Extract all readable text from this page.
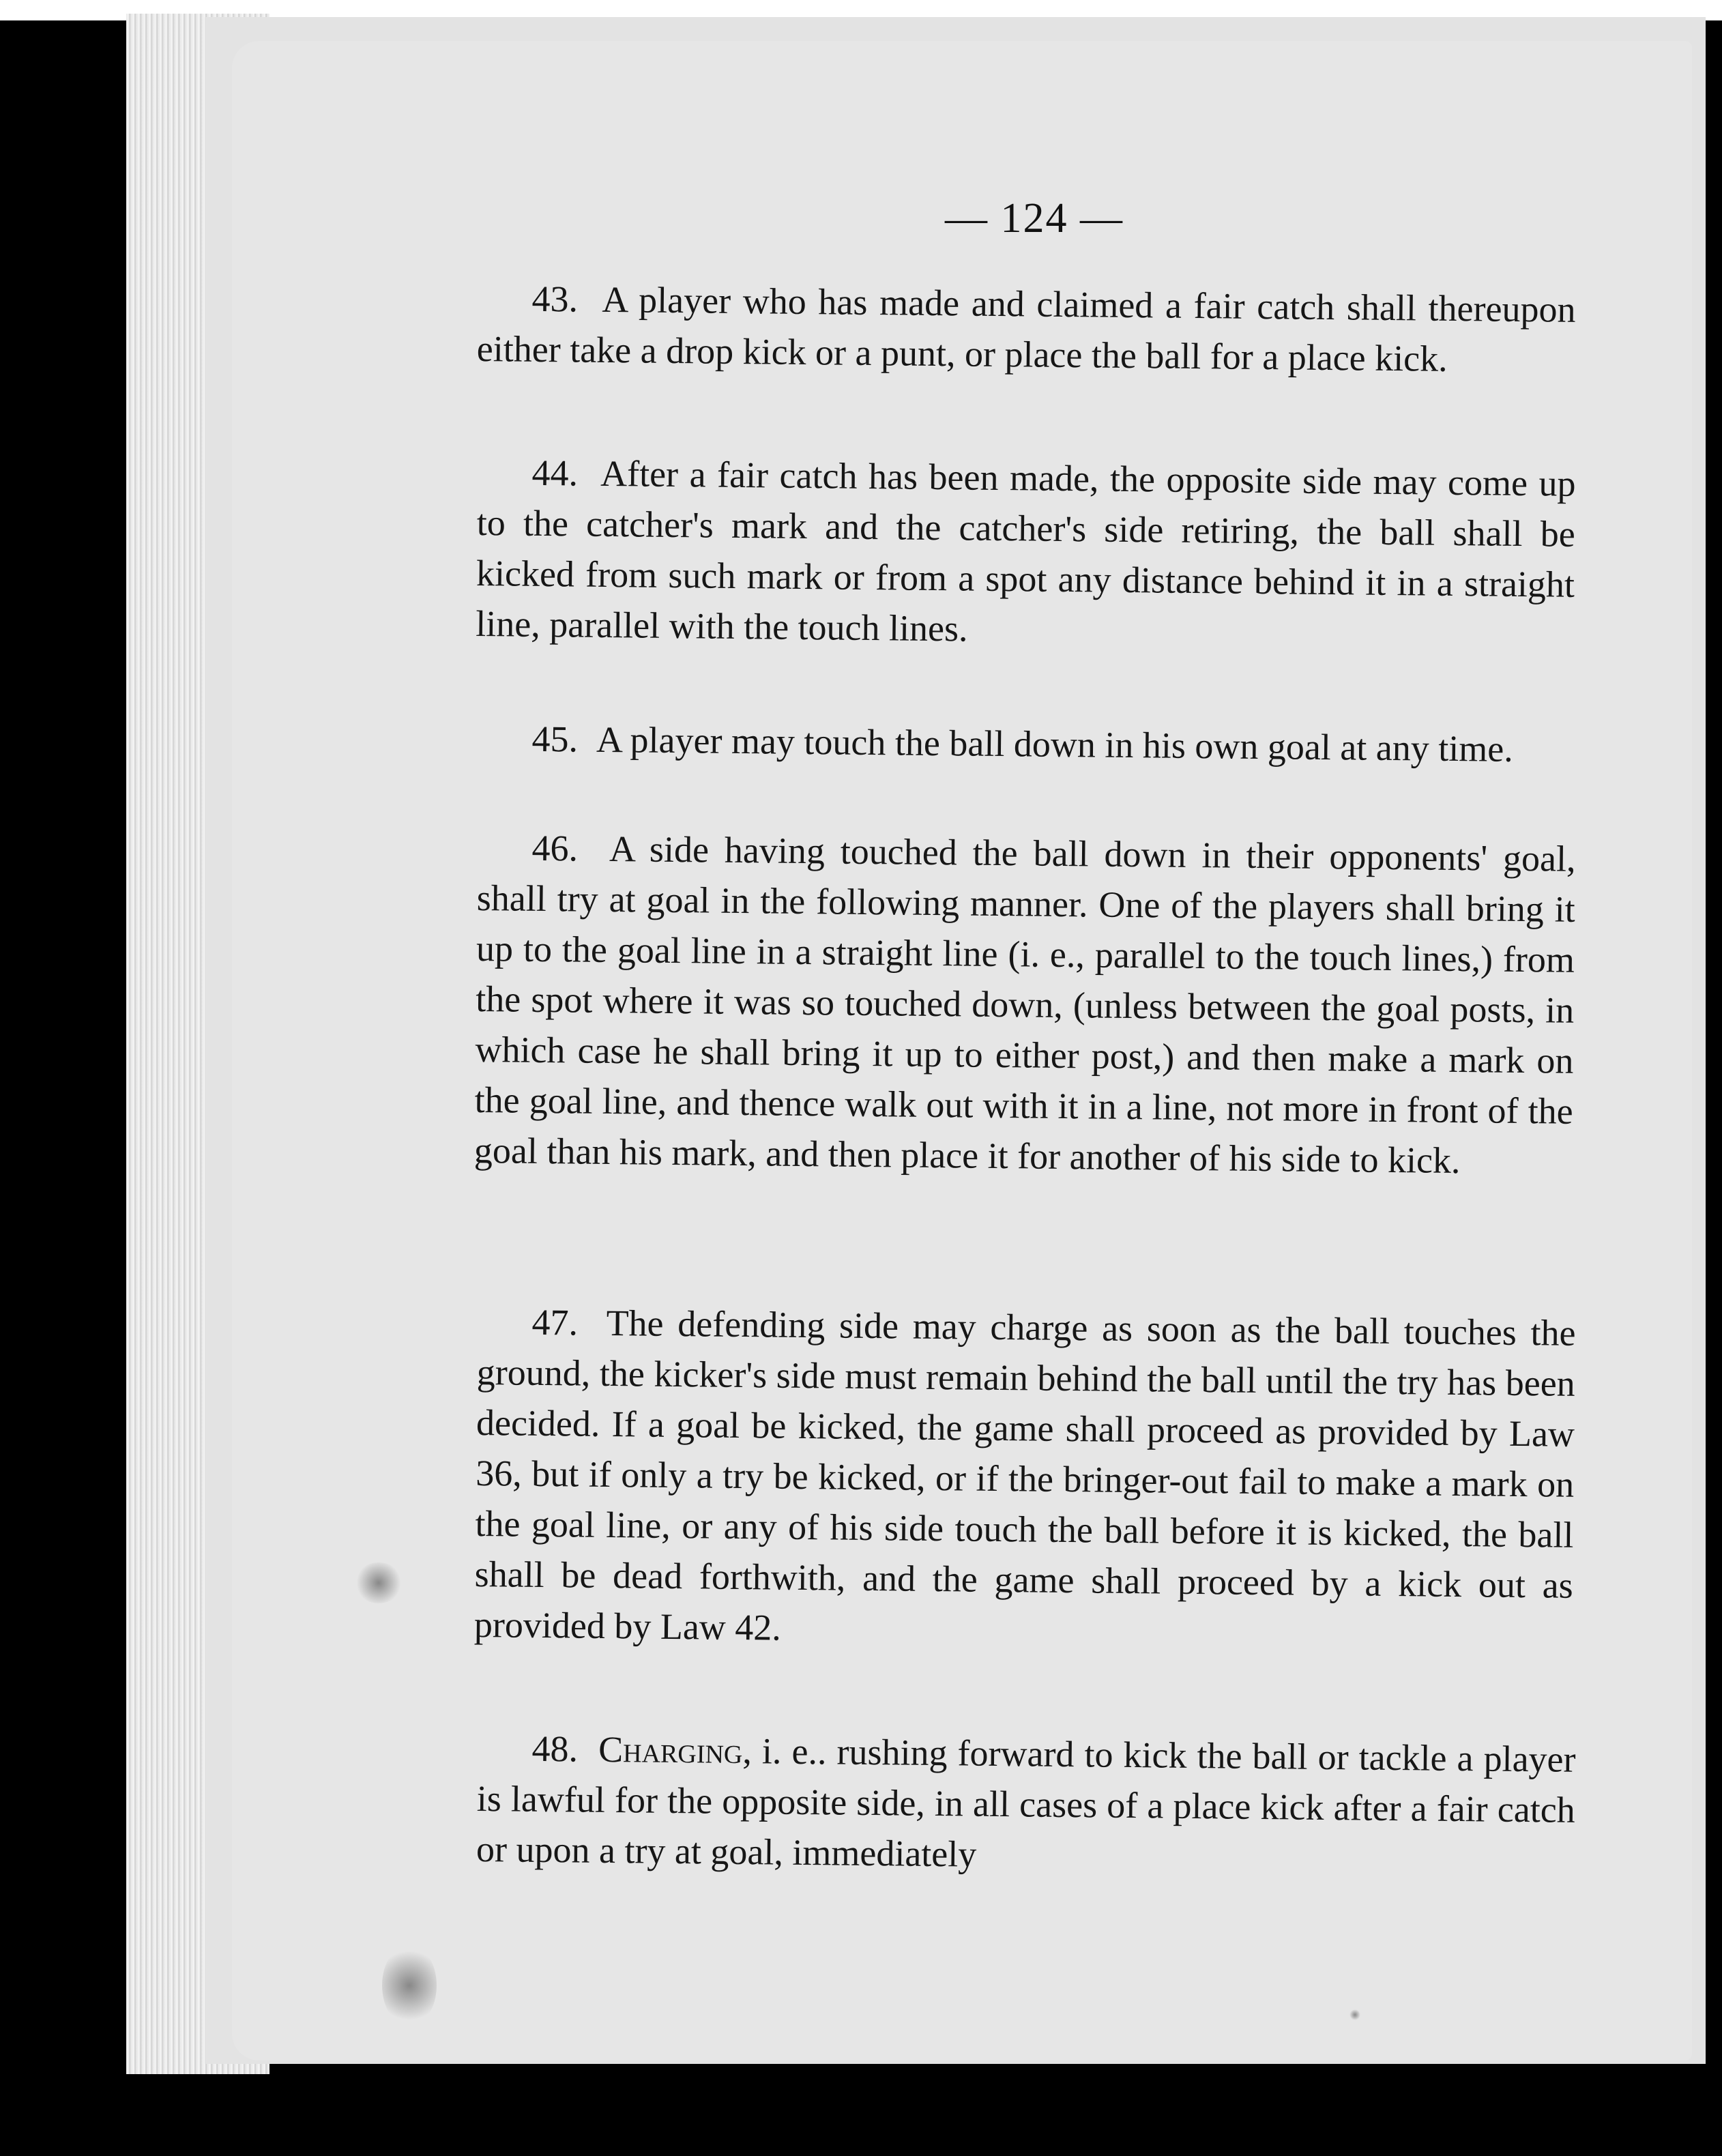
— 124 —

43. A player who has made and claimed a fair catch shall thereupon either take a drop kick or a punt, or place the ball for a place kick.

44. After a fair catch has been made, the opposite side may come up to the catcher's mark and the catcher's side retiring, the ball shall be kicked from such mark or from a spot any distance behind it in a straight line, parallel with the touch lines.

45. A player may touch the ball down in his own goal at any time.

46. A side having touched the ball down in their opponents' goal, shall try at goal in the following manner. One of the players shall bring it up to the goal line in a straight line (i. e., parallel to the touch lines,) from the spot where it was so touched down, (unless between the goal posts, in which case he shall bring it up to either post,) and then make a mark on the goal line, and thence walk out with it in a line, not more in front of the goal than his mark, and then place it for another of his side to kick.

47. The defending side may charge as soon as the ball touches the ground, the kicker's side must remain behind the ball until the try has been decided. If a goal be kicked, the game shall proceed as provided by Law 36, but if only a try be kicked, or if the bringer-out fail to make a mark on the goal line, or any of his side touch the ball before it is kicked, the ball shall be dead forthwith, and the game shall proceed by a kick out as provided by Law 42.

48. Charging, i. e.. rushing forward to kick the ball or tackle a player is lawful for the opposite side, in all cases of a place kick after a fair catch or upon a try at goal, immediately
